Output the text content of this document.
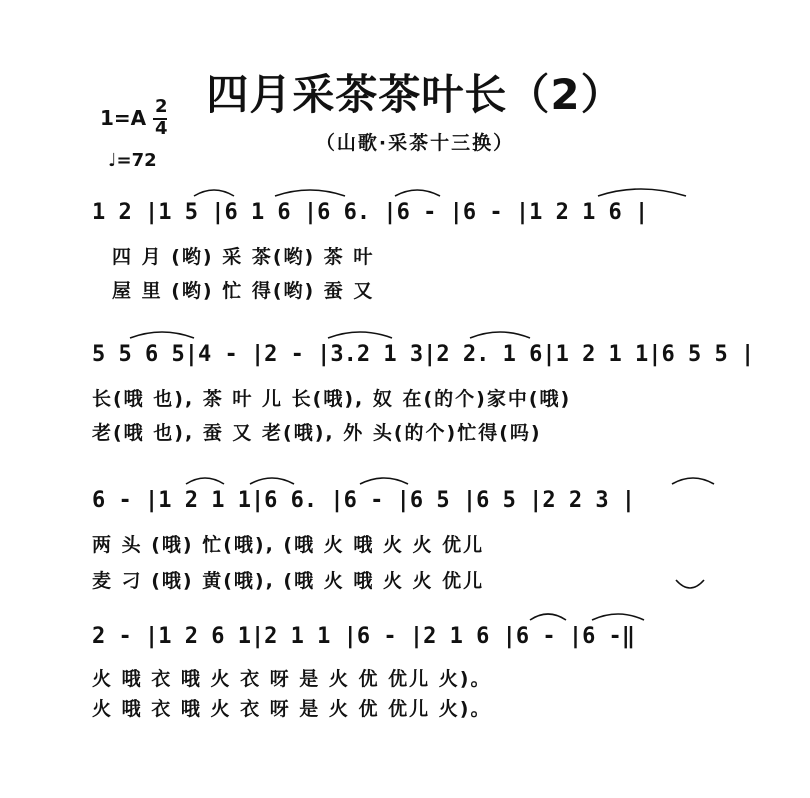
四月采茶茶叶长（2）
（山歌·采茶十三换）
1=A 2
4
♩=72
1 2 |1 5 |6 1 6 |6 6. |6 - |6 - |1 2 1 6 |
四 月 (哟) 采 茶(哟) 茶 叶
屋 里 (哟) 忙 得(哟) 蚕 又
5 5 6 5|4 - |2 - |3.2 1 3|2 2. 1 6|1 2 1 1|6 5 5 |
长(哦 也), 茶 叶 儿 长(哦), 奴 在(的个)家中(哦)
老(哦 也), 蚕 又 老(哦), 外 头(的个)忙得(吗)
6 - |1 2 1 1|6 6. |6 - |6 5 |6 5 |2 2 3 |
两 头 (哦) 忙(哦), (哦 火 哦 火 火 优儿
麦 刁 (哦) 黄(哦), (哦 火 哦 火 火 优儿
2 - |1 2 6 1|2 1 1 |6 - |2 1 6 |6 - |6 -‖
火 哦 衣 哦 火 衣 呀 是 火 优 优儿 火)。
火 哦 衣 哦 火 衣 呀 是 火 优 优儿 火)。
